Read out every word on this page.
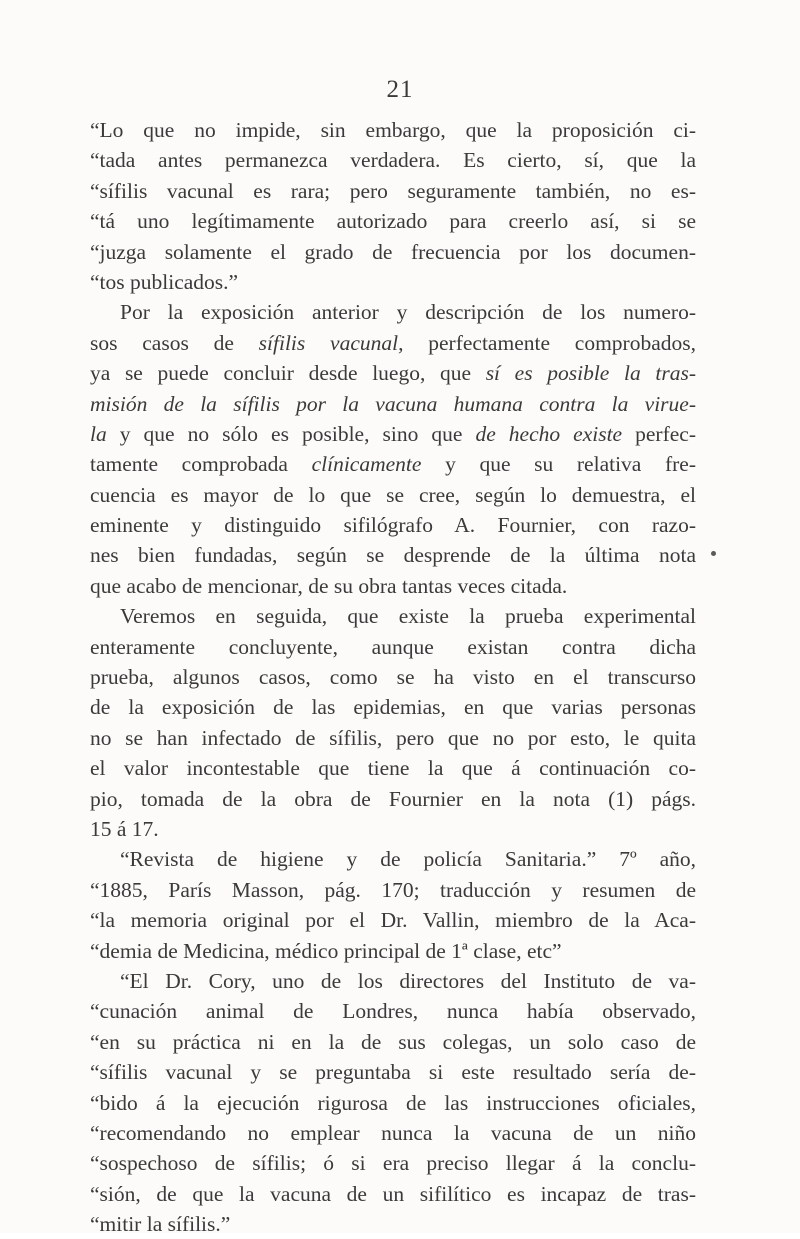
21
“Lo que no impide, sin embargo, que la proposición ci-
“tada antes permanezca verdadera. Es cierto, sí, que la
“sífilis vacunal es rara; pero seguramente también, no es-
“tá uno legítimamente autorizado para creerlo así, si se
“juzga solamente el grado de frecuencia por los documen-
“tos publicados.”
Por la exposición anterior y descripción de los numero-
sos casos de sífilis vacunal, perfectamente comprobados,
ya se puede concluir desde luego, que sí es posible la tras-
misión de la sífilis por la vacuna humana contra la virue-
la y que no sólo es posible, sino que de hecho existe perfec-
tamente comprobada clínicamente y que su relativa fre-
cuencia es mayor de lo que se cree, según lo demuestra, el
eminente y distinguido sifilógrafo A. Fournier, con razo-
nes bien fundadas, según se desprende de la última nota
que acabo de mencionar, de su obra tantas veces citada.
Veremos en seguida, que existe la prueba experimental
enteramente concluyente, aunque existan contra dicha
prueba, algunos casos, como se ha visto en el transcurso
de la exposición de las epidemias, en que varias personas
no se han infectado de sífilis, pero que no por esto, le quita
el valor incontestable que tiene la que á continuación co-
pio, tomada de la obra de Fournier en la nota (1) págs.
15 á 17.
“Revista de higiene y de policía Sanitaria.” 7º año,
“1885, París Masson, pág. 170; traducción y resumen de
“la memoria original por el Dr. Vallin, miembro de la Aca-
“demia de Medicina, médico principal de 1ª clase, etc”
“El Dr. Cory, uno de los directores del Instituto de va-
“cunación animal de Londres, nunca había observado,
“en su práctica ni en la de sus colegas, un solo caso de
“sífilis vacunal y se preguntaba si este resultado sería de-
“bido á la ejecución rigurosa de las instrucciones oficiales,
“recomendando no emplear nunca la vacuna de un niño
“sospechoso de sífilis; ó si era preciso llegar á la conclu-
“sión, de que la vacuna de un sifilítico es incapaz de tras-
“mitir la sífilis.”
